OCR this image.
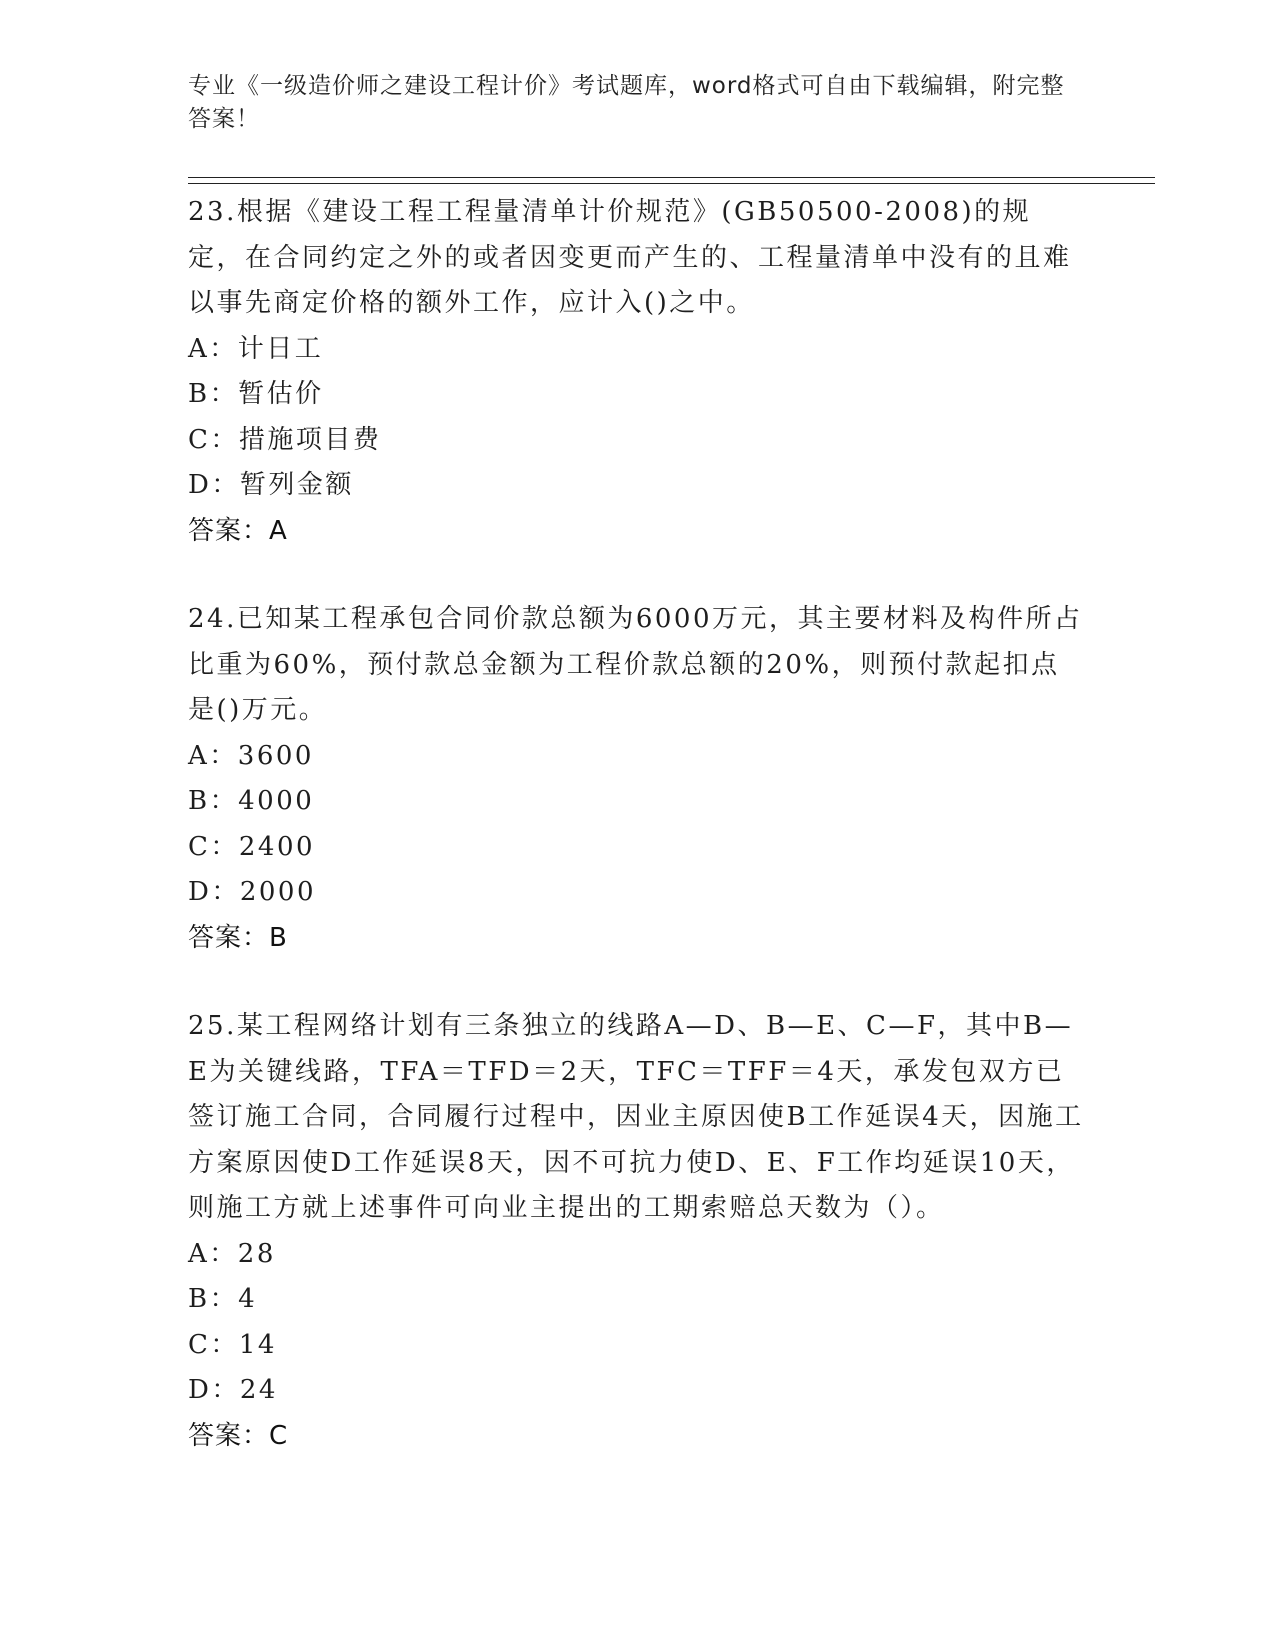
专业《一级造价师之建设工程计价》考试题库，word格式可自由下载编辑，附完整答案！
23.根据《建设工程工程量清单计价规范》(GB50500-2008)的规定，在合同约定之外的或者因变更而产生的、工程量清单中没有的且难以事先商定价格的额外工作，应计入()之中。
A：计日工
B：暂估价
C：措施项目费
D：暂列金额
答案：A
24.已知某工程承包合同价款总额为6000万元，其主要材料及构件所占比重为60%，预付款总金额为工程价款总额的20%，则预付款起扣点是()万元。
A：3600
B：4000
C：2400
D：2000
答案：B
25.某工程网络计划有三条独立的线路A—D、B—E、C—F，其中B—E为关键线路，TFA＝TFD＝2天，TFC＝TFF＝4天，承发包双方已签订施工合同，合同履行过程中，因业主原因使B工作延误4天，因施工方案原因使D工作延误8天，因不可抗力使D、E、F工作均延误10天，则施工方就上述事件可向业主提出的工期索赔总天数为（）。
A：28
B：4
C：14
D：24
答案：C
